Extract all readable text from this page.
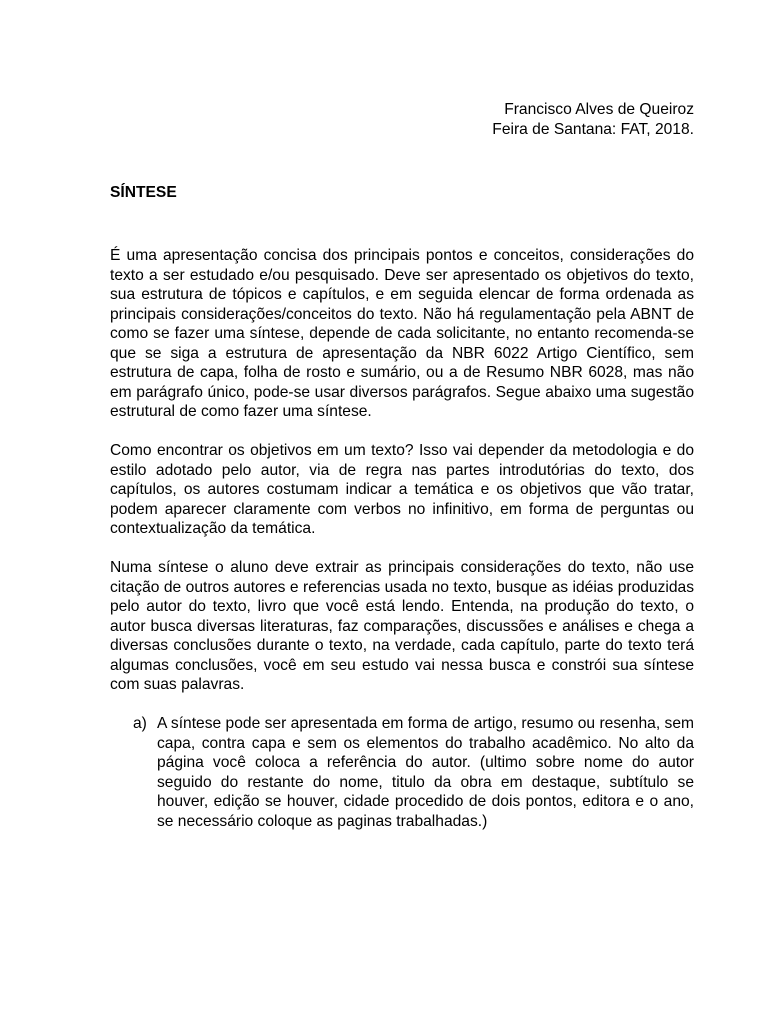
Francisco Alves de Queiroz
Feira de Santana: FAT, 2018.
SÍNTESE

É uma apresentação concisa dos principais pontos e conceitos, considerações do texto a ser estudado e/ou pesquisado. Deve ser apresentado os objetivos do texto, sua estrutura de tópicos e capítulos, e em seguida elencar de forma ordenada as principais considerações/conceitos do texto. Não há regulamentação pela ABNT de como se fazer uma síntese, depende de cada solicitante, no entanto recomenda-se que se siga a estrutura de apresentação da NBR 6022 Artigo Científico, sem estrutura de capa, folha de rosto e sumário, ou a de Resumo NBR 6028, mas não em parágrafo único, pode-se usar diversos parágrafos. Segue abaixo uma sugestão estrutural de como fazer uma síntese.

Como encontrar os objetivos em um texto? Isso vai depender da metodologia e do estilo adotado pelo autor, via de regra nas partes introdutórias do texto, dos capítulos, os autores costumam indicar a temática e os objetivos que vão tratar, podem aparecer claramente com verbos no infinitivo, em forma de perguntas ou contextualização da temática.

Numa síntese o aluno deve extrair as principais considerações do texto, não use citação de outros autores e referencias usada no texto, busque as idéias produzidas pelo autor do texto, livro que você está lendo. Entenda, na produção do texto, o autor busca diversas literaturas, faz comparações, discussões e análises e chega a diversas conclusões durante o texto, na verdade, cada capítulo, parte do texto terá algumas conclusões, você em seu estudo vai nessa busca e constrói sua síntese com suas palavras.

a) A síntese pode ser apresentada em forma de artigo, resumo ou resenha, sem capa, contra capa e sem os elementos do trabalho acadêmico. No alto da página você coloca a referência do autor. (ultimo sobre nome do autor seguido do restante do nome, titulo da obra em destaque, subtítulo se houver, edição se houver, cidade procedido de dois pontos, editora e o ano, se necessário coloque as paginas trabalhadas.)
